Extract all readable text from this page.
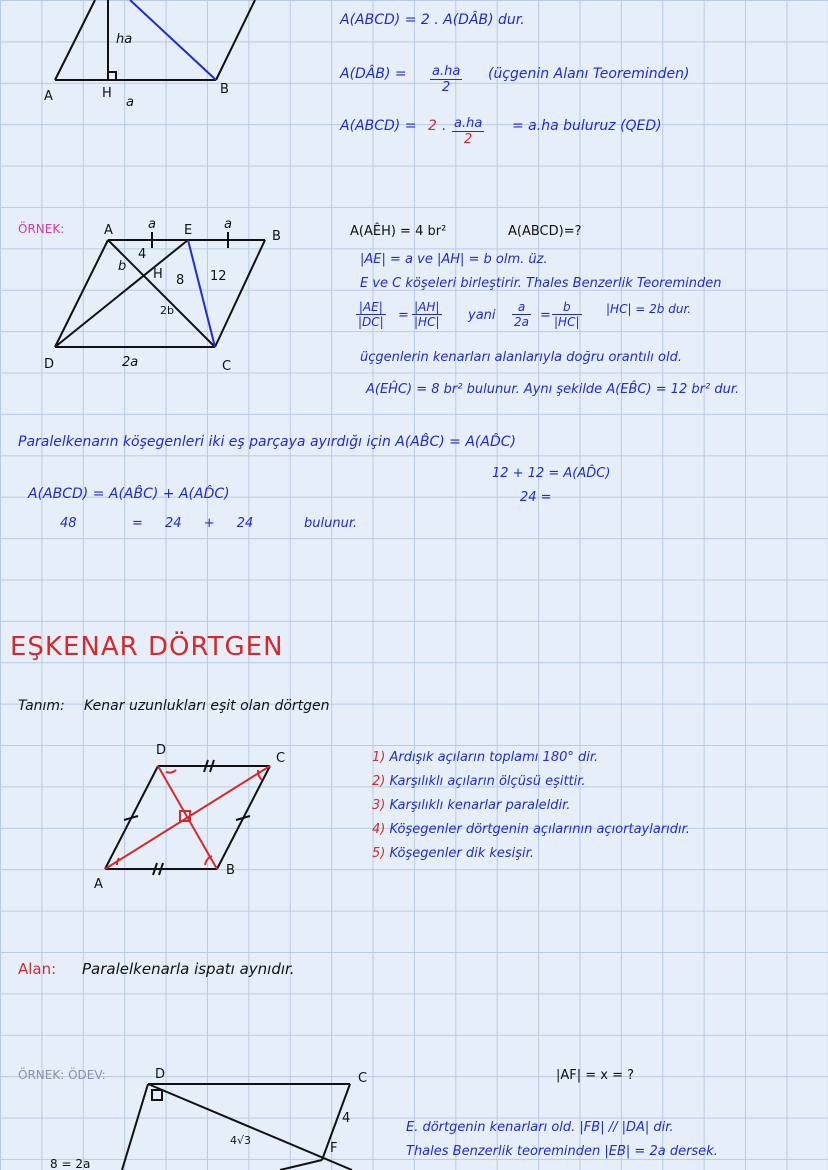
A	H	B
ha
a
A(ABCD) = 2 . A(DÂB) dur.
A(DÂB) = $\frac{a.ha}{2}$ (üçgenin Alanı Teoreminden)
A(ABCD) = 2 . $\frac{a.ha}{2} = a.ha$ buluruz (QED)
ÖRNEK:	A	E	B
D	C
H
a	a
4
b
8 12
2b
2a
A(AÊH) = 4 br²	A(ABCD)=?
|AE| = a ve |AH| = b olm. üz.
E ve C köşeleri birleştirir. Thales Benzerlik Teoreminden
$\frac{|AE|}{|DC|} = \frac{|AH|}{|HC|}$ yani $\frac{a}{2a} = \frac{b}{|HC|} |HC| = 2b$ dur.
üçgenlerin kenarları alanlarıyla doğru orantılı old.
A(EĤC) = 8 br² bulunur. Aynı şekilde A(EB̂C) = 12 br² dur.
Paralelkenarın köşegenleri iki eş parçaya ayırdığı için A(AB̂C) = A(AD̂C)
12 + 12 = A(AD̂C)
24 =
A(ABCD) = A(AB̂C) + A(AD̂C)
48	= 24 + 24	bulunur.
EŞKENAR DÖRTGEN
Tanım: Kenar uzunlukları eşit olan dörtgen
D
C
A
B
1) Ardışık açıların toplamı 180° dir.
2) Karşılıklı açıların ölçüsü eşittir.
3) Karşılıklı kenarlar paraleldir.
4) Köşegenler dörtgenin açılarının açıortaylarıdır.
5) Köşegenler dik kesişir.
Alan: Paralelkenarla ispatı aynıdır.
ÖRNEK: ÖDEV:	D	C
F
4
4√3
8 = 2a
|AF| = x = ?
E. dörtgenin kenarları old. |FB| // |DA| dir.
Thales Benzerlik teoreminden |EB| = 2a dersek.
